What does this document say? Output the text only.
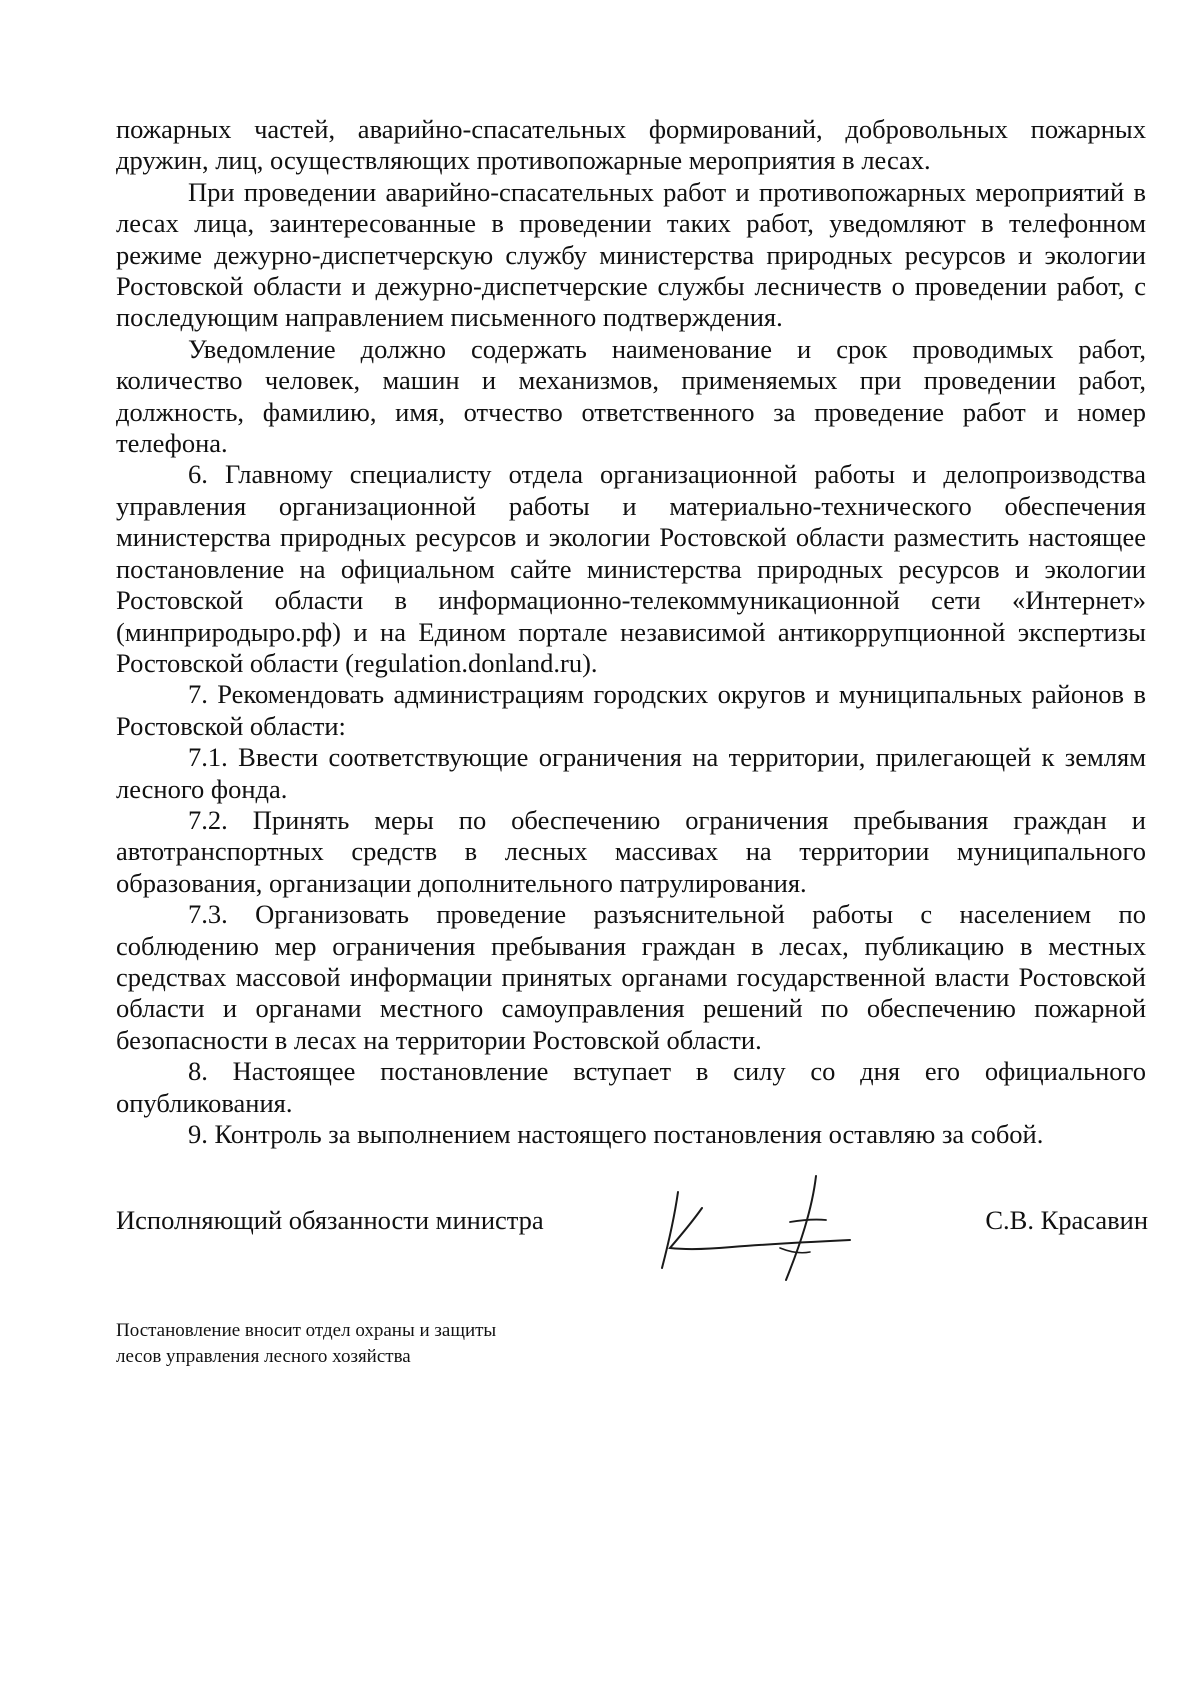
пожарных частей, аварийно-спасательных формирований, добровольных пожарных дружин, лиц, осуществляющих противопожарные мероприятия в лесах.

При проведении аварийно-спасательных работ и противопожарных мероприятий в лесах лица, заинтересованные в проведении таких работ, уведомляют в телефонном режиме дежурно-диспетчерскую службу министерства природных ресурсов и экологии Ростовской области и дежурно-диспетчерские службы лесничеств о проведении работ, с последующим направлением письменного подтверждения.

Уведомление должно содержать наименование и срок проводимых работ, количество человек, машин и механизмов, применяемых при проведении работ, должность, фамилию, имя, отчество ответственного за проведение работ и номер телефона.

6. Главному специалисту отдела организационной работы и делопроизводства управления организационной работы и материально-технического обеспечения министерства природных ресурсов и экологии Ростовской области разместить настоящее постановление на официальном сайте министерства природных ресурсов и экологии Ростовской области в информационно-телекоммуникационной сети «Интернет» (минприродыро.рф) и на Едином портале независимой антикоррупционной экспертизы Ростовской области (regulation.donland.ru).

7. Рекомендовать администрациям городских округов и муниципальных районов в Ростовской области:

7.1. Ввести соответствующие ограничения на территории, прилегающей к землям лесного фонда.

7.2. Принять меры по обеспечению ограничения пребывания граждан и автотранспортных средств в лесных массивах на территории муниципального образования, организации дополнительного патрулирования.

7.3. Организовать проведение разъяснительной работы с населением по соблюдению мер ограничения пребывания граждан в лесах, публикацию в местных средствах массовой информации принятых органами государственной власти Ростовской области и органами местного самоуправления решений по обеспечению пожарной безопасности в лесах на территории Ростовской области.

8. Настоящее постановление вступает в силу со дня его официального опубликования.

9. Контроль за выполнением настоящего постановления оставляю за собой.

Исполняющий обязанности министра	С.В. Красавин
Постановление вносит отдел охраны и защиты
лесов управления лесного хозяйства
